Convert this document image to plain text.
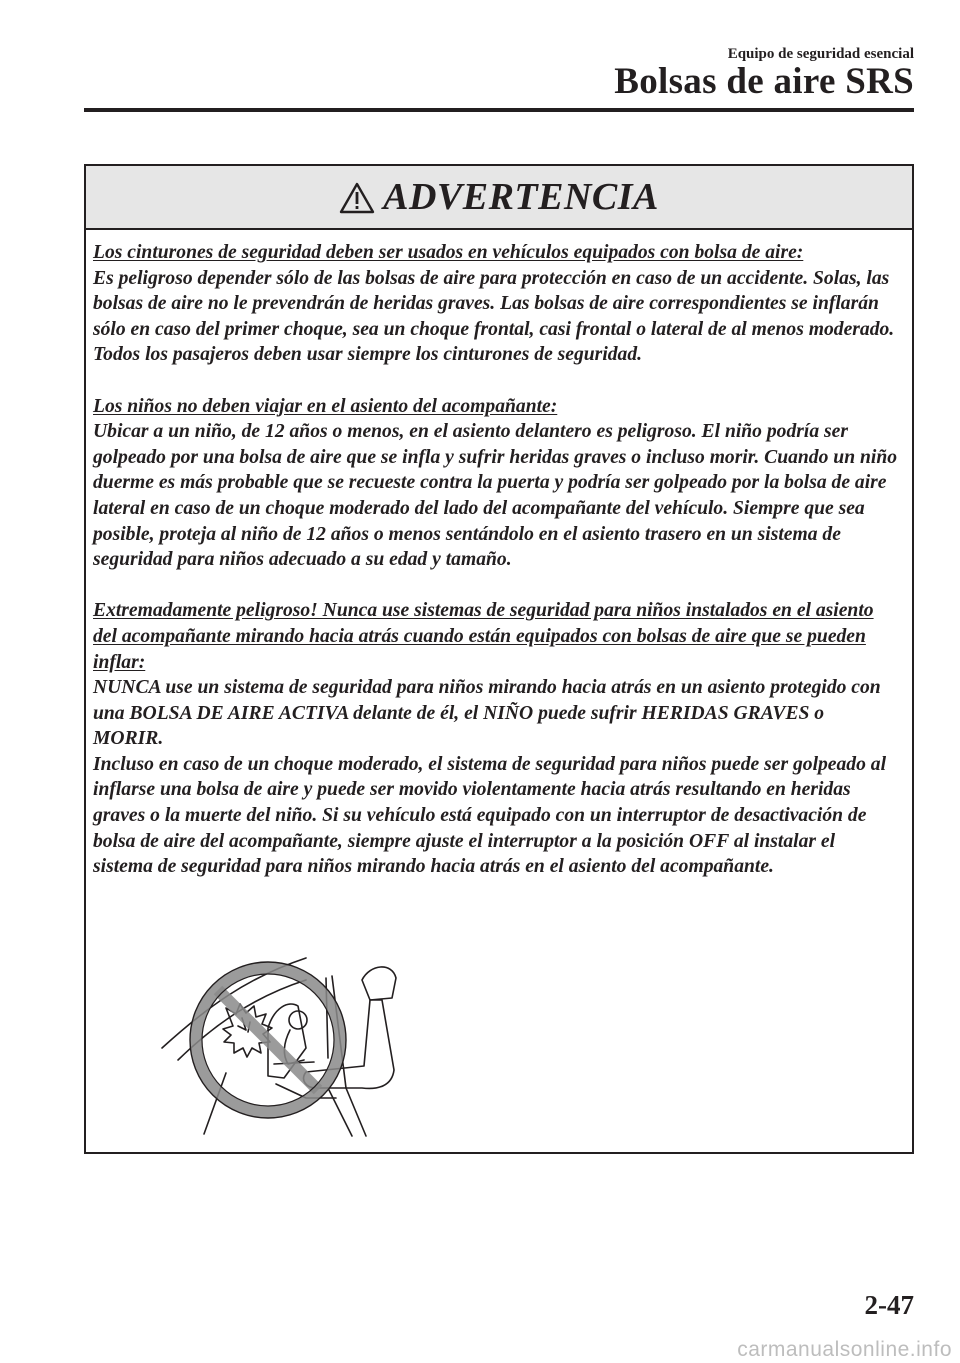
Equipo de seguridad esencial
Bolsas de aire SRS
ADVERTENCIA

Los cinturones de seguridad deben ser usados en vehículos equipados con bolsa de aire:

Es peligroso depender sólo de las bolsas de aire para protección en caso de un accidente. Solas, las bolsas de aire no le prevendrán de heridas graves. Las bolsas de aire correspondientes se inflarán sólo en caso del primer choque, sea un choque frontal, casi frontal o lateral de al menos moderado. Todos los pasajeros deben usar siempre los cinturones de seguridad.

Los niños no deben viajar en el asiento del acompañante:

Ubicar a un niño, de 12 años o menos, en el asiento delantero es peligroso. El niño podría ser golpeado por una bolsa de aire que se infla y sufrir heridas graves o incluso morir. Cuando un niño duerme es más probable que se recueste contra la puerta y podría ser golpeado por la bolsa de aire lateral en caso de un choque moderado del lado del acompañante del vehículo. Siempre que sea posible, proteja al niño de 12 años o menos sentándolo en el asiento trasero en un sistema de seguridad para niños adecuado a su edad y tamaño.

Extremadamente peligroso! Nunca use sistemas de seguridad para niños instalados en el asiento del acompañante mirando hacia atrás cuando están equipados con bolsas de aire que se pueden inflar:

NUNCA use un sistema de seguridad para niños mirando hacia atrás en un asiento protegido con una BOLSA DE AIRE ACTIVA delante de él, el NIÑO puede sufrir HERIDAS GRAVES o MORIR.

Incluso en caso de un choque moderado, el sistema de seguridad para niños puede ser golpeado al inflarse una bolsa de aire y puede ser movido violentamente hacia atrás resultando en heridas graves o la muerte del niño. Si su vehículo está equipado con un interruptor de desactivación de bolsa de aire del acompañante, siempre ajuste el interruptor a la posición OFF al instalar el sistema de seguridad para niños mirando hacia atrás en el asiento del acompañante.

2-47
carmanualsonline.info
